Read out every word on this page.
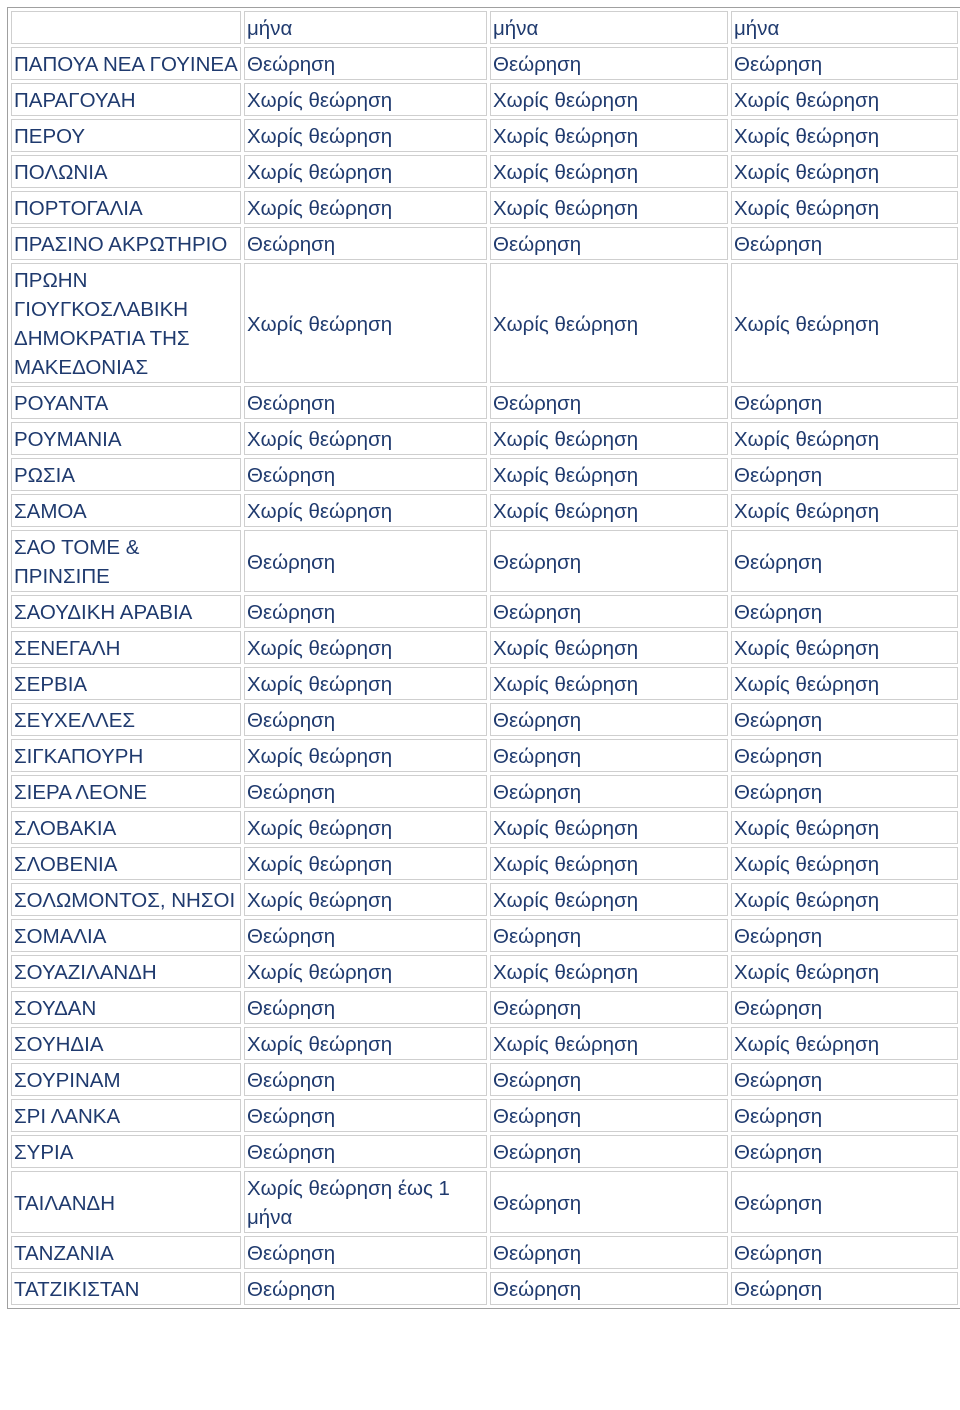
	μήνα	μήνα	μήνα
ΠΑΠΟΥΑ ΝΕΑ ΓΟΥΙΝΕΑ	Θεώρηση	Θεώρηση	Θεώρηση
ΠΑΡΑΓΟΥΑΗ	Χωρίς θεώρηση	Χωρίς θεώρηση	Χωρίς θεώρηση
ΠΕΡΟΥ	Χωρίς θεώρηση	Χωρίς θεώρηση	Χωρίς θεώρηση
ΠΟΛΩΝΙΑ	Χωρίς θεώρηση	Χωρίς θεώρηση	Χωρίς θεώρηση
ΠΟΡΤΟΓΑΛΙΑ	Χωρίς θεώρηση	Χωρίς θεώρηση	Χωρίς θεώρηση
ΠΡΑΣΙΝΟ ΑΚΡΩΤΗΡΙΟ	Θεώρηση	Θεώρηση	Θεώρηση
ΠΡΩΗΝ ΓΙΟΥΓΚΟΣΛΑΒΙΚΗ ΔΗΜΟΚΡΑΤΙΑ ΤΗΣ ΜΑΚΕΔΟΝΙΑΣ	Χωρίς θεώρηση	Χωρίς θεώρηση	Χωρίς θεώρηση
ΡΟΥΑΝΤΑ	Θεώρηση	Θεώρηση	Θεώρηση
ΡΟΥΜΑΝΙΑ	Χωρίς θεώρηση	Χωρίς θεώρηση	Χωρίς θεώρηση
ΡΩΣΙΑ	Θεώρηση	Χωρίς θεώρηση	Θεώρηση
ΣΑΜΟΑ	Χωρίς θεώρηση	Χωρίς θεώρηση	Χωρίς θεώρηση
ΣΑΟ ΤΟΜΕ & ΠΡΙΝΣΙΠΕ	Θεώρηση	Θεώρηση	Θεώρηση
ΣΑΟΥΔΙΚΗ ΑΡΑΒΙΑ	Θεώρηση	Θεώρηση	Θεώρηση
ΣΕΝΕΓΑΛΗ	Χωρίς θεώρηση	Χωρίς θεώρηση	Χωρίς θεώρηση
ΣΕΡΒΙΑ	Χωρίς θεώρηση	Χωρίς θεώρηση	Χωρίς θεώρηση
ΣΕΥΧΕΛΛΕΣ	Θεώρηση	Θεώρηση	Θεώρηση
ΣΙΓΚΑΠΟΥΡΗ	Χωρίς θεώρηση	Θεώρηση	Θεώρηση
ΣΙΕΡΑ ΛΕΟΝΕ	Θεώρηση	Θεώρηση	Θεώρηση
ΣΛΟΒΑΚΙΑ	Χωρίς θεώρηση	Χωρίς θεώρηση	Χωρίς θεώρηση
ΣΛΟΒΕΝΙΑ	Χωρίς θεώρηση	Χωρίς θεώρηση	Χωρίς θεώρηση
ΣΟΛΩΜΟΝΤΟΣ, ΝΗΣΟΙ	Χωρίς θεώρηση	Χωρίς θεώρηση	Χωρίς θεώρηση
ΣΟΜΑΛΙΑ	Θεώρηση	Θεώρηση	Θεώρηση
ΣΟΥΑΖΙΛΑΝΔΗ	Χωρίς θεώρηση	Χωρίς θεώρηση	Χωρίς θεώρηση
ΣΟΥΔΑΝ	Θεώρηση	Θεώρηση	Θεώρηση
ΣΟΥΗΔΙΑ	Χωρίς θεώρηση	Χωρίς θεώρηση	Χωρίς θεώρηση
ΣΟΥΡΙΝΑΜ	Θεώρηση	Θεώρηση	Θεώρηση
ΣΡΙ ΛΑΝΚΑ	Θεώρηση	Θεώρηση	Θεώρηση
ΣΥΡΙΑ	Θεώρηση	Θεώρηση	Θεώρηση
ΤΑΙΛΑΝΔΗ	Χωρίς θεώρηση έως 1 μήνα	Θεώρηση	Θεώρηση
ΤΑΝΖΑΝΙΑ	Θεώρηση	Θεώρηση	Θεώρηση
ΤΑΤΖΙΚΙΣΤΑΝ	Θεώρηση	Θεώρηση	Θεώρηση
